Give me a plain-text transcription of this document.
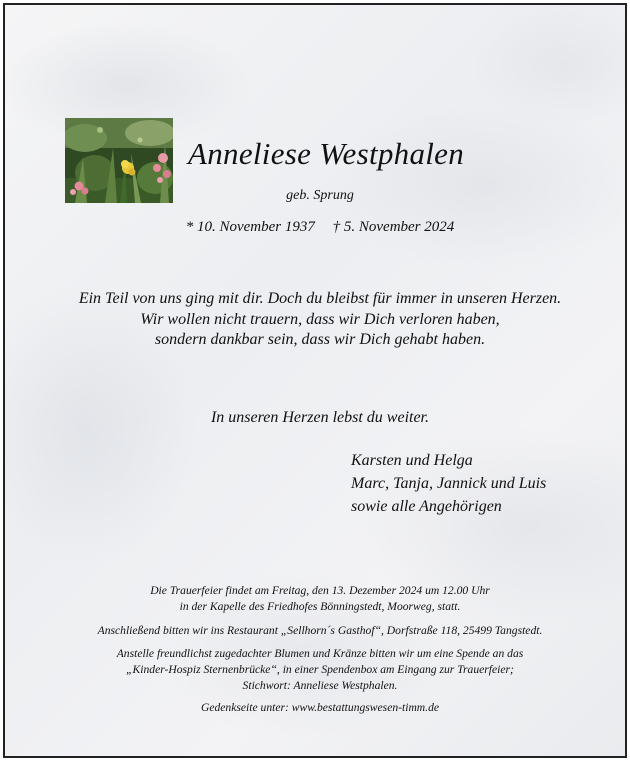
Anneliese Westphalen
geb. Sprung
* 10. November 1937 † 5. November 2024
Ein Teil von uns ging mit dir. Doch du bleibst für immer in unseren Herzen.
Wir wollen nicht trauern, dass wir Dich verloren haben,
sondern dankbar sein, dass wir Dich gehabt haben.
In unseren Herzen lebst du weiter.
Karsten und Helga
Marc, Tanja, Jannick und Luis
sowie alle Angehörigen
Die Trauerfeier findet am Freitag, den 13. Dezember 2024 um 12.00 Uhr
in der Kapelle des Friedhofes Bönningstedt, Moorweg, statt.
Anschließend bitten wir ins Restaurant „Sellhorn´s Gasthof“, Dorfstraße 118, 25499 Tangstedt.
Anstelle freundlichst zugedachter Blumen und Kränze bitten wir um eine Spende an das
„Kinder-Hospiz Sternenbrücke“, in einer Spendenbox am Eingang zur Trauerfeier;
Stichwort: Anneliese Westphalen.
Gedenkseite unter: www.bestattungswesen-timm.de
